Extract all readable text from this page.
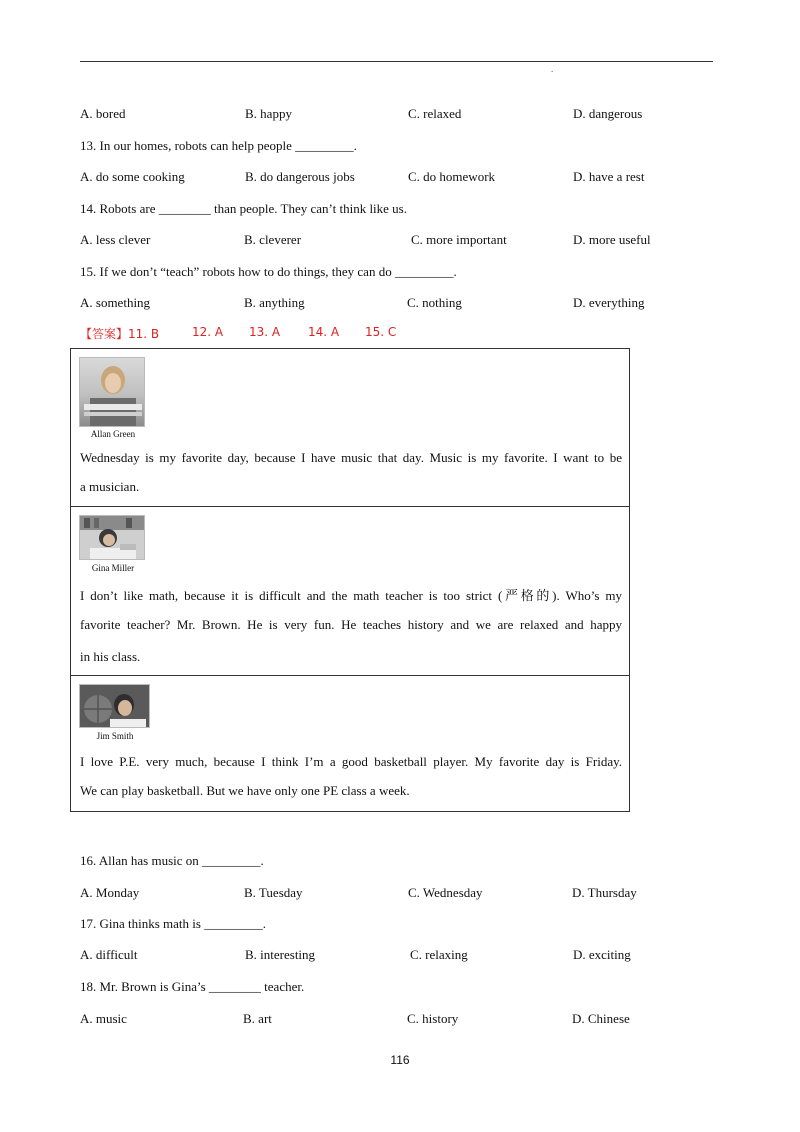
.
A. bored	B. happy	C. relaxed	D. dangerous
13. In our homes, robots can help people _________.
A. do some cooking	B. do dangerous jobs	C. do homework	D. have a rest
14. Robots are ________ than people. They can’t think like us.
A. less clever	B. cleverer	C. more important	D. more useful
15. If we don’t “teach” robots how to do things, they can do _________.
A. something	B. anything	C. nothing	D. everything
【答案】11. B	12. A 13. A 14. A 15. C
Allan Green
Wednesday is my favorite day, because I have music that day. Music is my favorite. I want to be
a musician.
Gina Miller
I don’t like math, because it is difficult and the math teacher is too strict (严格的). Who’s my
favorite teacher? Mr. Brown. He is very fun. He teaches history and we are relaxed and happy
in his class.
Jim Smith
I love P.E. very much, because I think I’m a good basketball player. My favorite day is Friday.
We can play basketball. But we have only one PE class a week.
16. Allan has music on _________.
A. Monday	B. Tuesday	C. Wednesday	D. Thursday
17. Gina thinks math is _________.
A. difficult	B. interesting	C. relaxing	D. exciting
18. Mr. Brown is Gina’s ________ teacher.
A. music	B. art	C. history	D. Chinese
116
